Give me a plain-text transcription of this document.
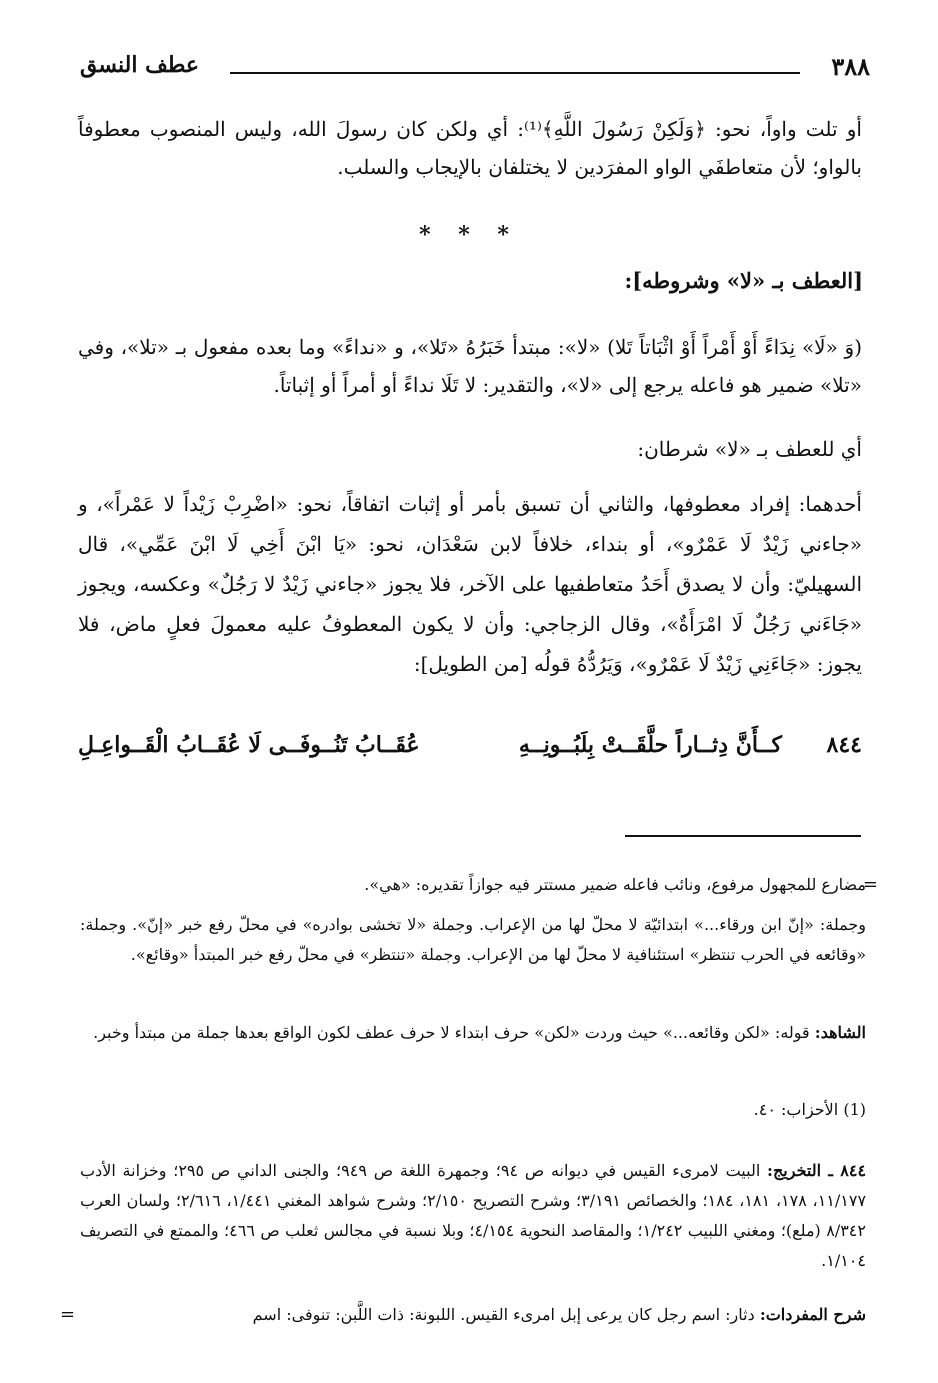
٣٨٨
عطف النسق

أو تلت واواً، نحو: ﴿وَلَكِنْ رَسُولَ اللَّهِ﴾⁽¹⁾: أي ولكن كان رسولَ الله، وليس المنصوب معطوفاً بالواو؛ لأن متعاطفَي الواو المفرَدين لا يختلفان بالإيجاب والسلب.

* * *
[العطف بـ «لا» وشروطه]:

(وَ «لَا» نِدَاءً أَوْ أَمْراً أَوْ اثْبَاتاً تَلا) «لا»: مبتدأ خَبَرُهُ «تَلا»، و «نداءً» وما بعده مفعول بـ «تلا»، وفي «تلا» ضمير هو فاعله يرجع إلى «لا»، والتقدير: لا تَلَا نداءً أو أمراً أو إثباتاً.

أي للعطف بـ «لا» شرطان:

أحدهما: إفراد معطوفها، والثاني أن تسبق بأمر أو إثبات اتفاقاً، نحو: «اضْرِبْ زَيْداً لا عَمْراً»، و «جاءني زَيْدٌ لَا عَمْرٌو»، أو بنداء، خلافاً لابن سَعْدَان، نحو: «يَا ابْنَ أَخِي لَا ابْنَ عَمِّي»، قال السهيليّ: وأن لا يصدق أَحَدُ متعاطفيها على الآخر، فلا يجوز «جاءني زَيْدٌ لا رَجُلٌ» وعكسه، ويجوز «جَاءَني رَجُلٌ لَا امْرَأَةٌ»، وقال الزجاجي: وأن لا يكون المعطوفُ عليه معمولَ فعلٍ ماض، فلا يجوز: «جَاءَنِي زَيْدٌ لَا عَمْرٌو»، وَيَرُدُّهُ قولُه [من الطويل]:

٨٤٤
كــأَنَّ دِثــاراً حلَّقَــتْ بِلَبُــونِــهِ
عُقَــابُ تَنُــوفَــى لَا عُقَــابُ الْقَــواعِـلِ
=
مضارع للمجهول مرفوع، ونائب فاعله ضمير مستتر فيه جوازاً تقديره: «هي».

وجملة: «إنّ ابن ورقاء...» ابتدائيّة لا محلّ لها من الإعراب. وجملة «لا تخشى بوادره» في محلّ رفع خبر «إنّ». وجملة: «وقائعه في الحرب تنتظر» استئنافية لا محلّ لها من الإعراب. وجملة «تنتظر» في محلّ رفع خبر المبتدأ «وقائع».

الشاهد: قوله: «لكن وقائعه...» حيث وردت «لكن» حرف ابتداء لا حرف عطف لكون الواقع بعدها جملة من مبتدأ وخبر.

(1) الأحزاب: ٤٠.

٨٤٤ ـ التخريج: البيت لامرىء القيس في ديوانه ص ٩٤؛ وجمهرة اللغة ص ٩٤٩؛ والجنى الداني ص ٢٩٥؛ وخزانة الأدب ١١/١٧٧، ١٧٨، ١٨١، ١٨٤؛ والخصائص ٣/١٩١؛ وشرح التصريح ٢/١٥٠؛ وشرح شواهد المغني ١/٤٤١، ٢/٦١٦؛ ولسان العرب ٨/٣٤٢ (ملع)؛ ومغني اللبيب ١/٢٤٢؛ والمقاصد النحوية ٤/١٥٤؛ وبلا نسبة في مجالس ثعلب ص ٤٦٦؛ والممتع في التصريف ١/١٠٤.

شرح المفردات: دثار: اسم رجل كان يرعى إبل امرىء القيس. اللبونة: ذات اللَّبن: تنوفى: اسم
=
